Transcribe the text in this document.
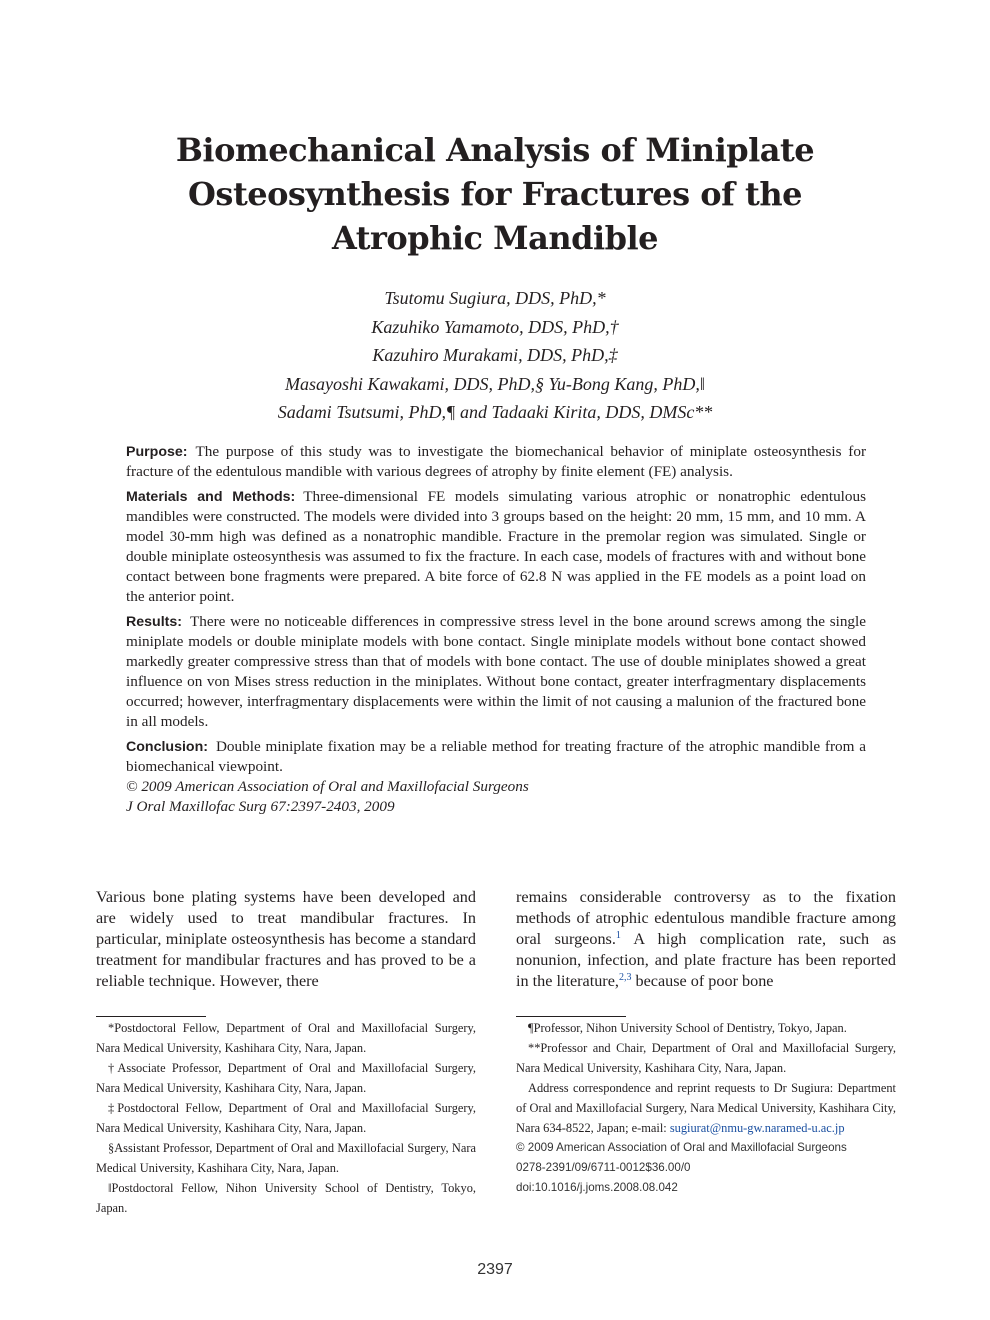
Biomechanical Analysis of Miniplate
Osteosynthesis for Fractures of the
Atrophic Mandible
Tsutomu Sugiura, DDS, PhD,*
Kazuhiko Yamamoto, DDS, PhD,†
Kazuhiro Murakami, DDS, PhD,‡
Masayoshi Kawakami, DDS, PhD,§ Yu-Bong Kang, PhD,‖
Sadami Tsutsumi, PhD,¶ and Tadaaki Kirita, DDS, DMSc**

Purpose: The purpose of this study was to investigate the biomechanical behavior of miniplate osteosynthesis for fracture of the edentulous mandible with various degrees of atrophy by finite element (FE) analysis.

Materials and Methods: Three-dimensional FE models simulating various atrophic or nonatrophic edentulous mandibles were constructed. The models were divided into 3 groups based on the height: 20 mm, 15 mm, and 10 mm. A model 30-mm high was defined as a nonatrophic mandible. Fracture in the premolar region was simulated. Single or double miniplate osteosynthesis was assumed to fix the fracture. In each case, models of fractures with and without bone contact between bone fragments were prepared. A bite force of 62.8 N was applied in the FE models as a point load on the anterior point.

Results: There were no noticeable differences in compressive stress level in the bone around screws among the single miniplate models or double miniplate models with bone contact. Single miniplate models without bone contact showed markedly greater compressive stress than that of models with bone contact. The use of double miniplates showed a great influence on von Mises stress reduction in the miniplates. Without bone contact, greater interfragmentary displacements occurred; however, interfragmentary displacements were within the limit of not causing a malunion of the fractured bone in all models.

Conclusion: Double miniplate fixation may be a reliable method for treating fracture of the atrophic mandible from a biomechanical viewpoint.

© 2009 American Association of Oral and Maxillofacial Surgeons

J Oral Maxillofac Surg 67:2397-2403, 2009

Various bone plating systems have been developed and are widely used to treat mandibular fractures. In particular, miniplate osteosynthesis has become a standard treatment for mandibular fractures and has proved to be a reliable technique. However, there
remains considerable controversy as to the fixation methods of atrophic edentulous mandible fracture among oral surgeons.$^1$ A high complication rate, such as nonunion, infection, and plate fracture has been reported in the literature,$^{2,3}$ because of poor bone

*Postdoctoral Fellow, Department of Oral and Maxillofacial Surgery, Nara Medical University, Kashihara City, Nara, Japan.

†Associate Professor, Department of Oral and Maxillofacial Surgery, Nara Medical University, Kashihara City, Nara, Japan.

‡Postdoctoral Fellow, Department of Oral and Maxillofacial Surgery, Nara Medical University, Kashihara City, Nara, Japan.

§Assistant Professor, Department of Oral and Maxillofacial Surgery, Nara Medical University, Kashihara City, Nara, Japan.

‖Postdoctoral Fellow, Nihon University School of Dentistry, Tokyo, Japan.

¶Professor, Nihon University School of Dentistry, Tokyo, Japan.

**Professor and Chair, Department of Oral and Maxillofacial Surgery, Nara Medical University, Kashihara City, Nara, Japan.

Address correspondence and reprint requests to Dr Sugiura: Department of Oral and Maxillofacial Surgery, Nara Medical University, Kashihara City, Nara 634-8522, Japan; e-mail: sugiurat@nmu-gw.naramed-u.ac.jp

© 2009 American Association of Oral and Maxillofacial Surgeons

0278-2391/09/6711-0012$36.00/0

doi:10.1016/j.joms.2008.08.042

2397
